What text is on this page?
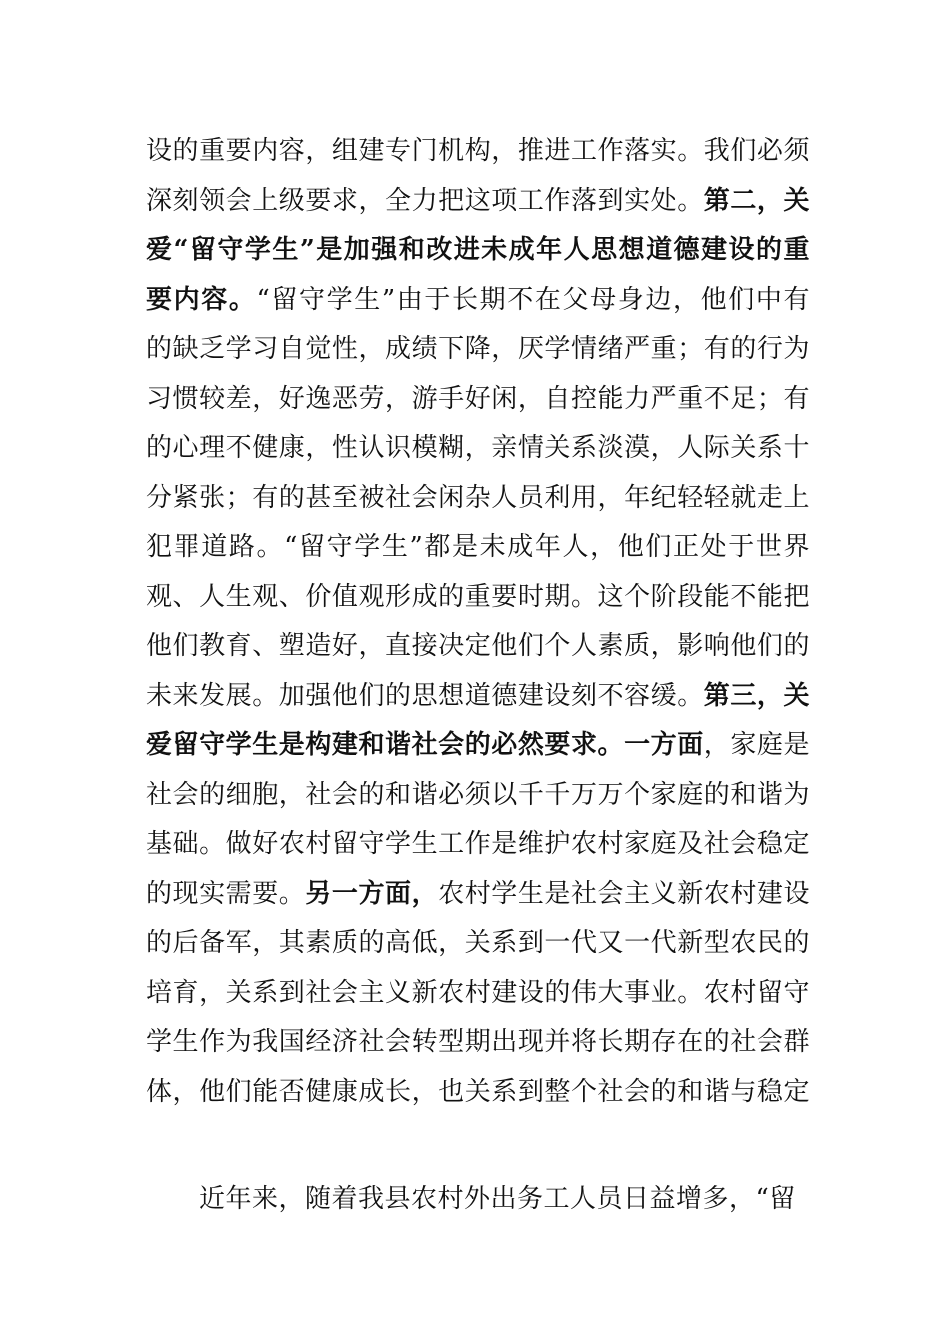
设的重要内容，组建专门机构，推进工作落实。我们必须
深刻领会上级要求，全力把这项工作落到实处。第二，关
爱“留守学生”是加强和改进未成年人思想道德建设的重
要内容。“留守学生”由于长期不在父母身边，他们中有
的缺乏学习自觉性，成绩下降，厌学情绪严重；有的行为
习惯较差，好逸恶劳，游手好闲，自控能力严重不足；有
的心理不健康，性认识模糊，亲情关系淡漠，人际关系十
分紧张；有的甚至被社会闲杂人员利用，年纪轻轻就走上
犯罪道路。“留守学生”都是未成年人，他们正处于世界
观、人生观、价值观形成的重要时期。这个阶段能不能把
他们教育、塑造好，直接决定他们个人素质，影响他们的
未来发展。加强他们的思想道德建设刻不容缓。第三，关
爱留守学生是构建和谐社会的必然要求。一方面，家庭是
社会的细胞，社会的和谐必须以千千万万个家庭的和谐为
基础。做好农村留守学生工作是维护农村家庭及社会稳定
的现实需要。另一方面，农村学生是社会主义新农村建设
的后备军，其素质的高低，关系到一代又一代新型农民的
培育，关系到社会主义新农村建设的伟大事业。农村留守
学生作为我国经济社会转型期出现并将长期存在的社会群
体，他们能否健康成长，也关系到整个社会的和谐与稳定
　　近年来，随着我县农村外出务工人员日益增多，“留
